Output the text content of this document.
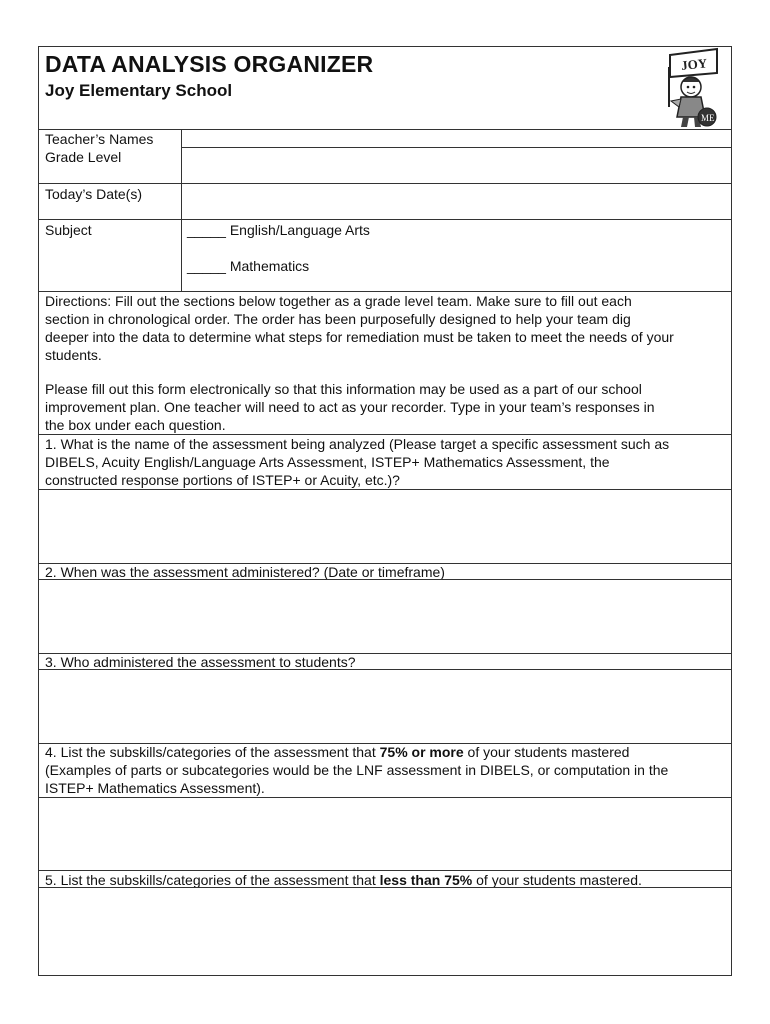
DATA ANALYSIS ORGANIZER
Joy Elementary School
JOY
ME
Teacher’s Names
Grade Level
Today’s Date(s)
Subject	_____ English/Language Arts
_____ Mathematics
Directions: Fill out the sections below together as a grade level team. Make sure to fill out each
section in chronological order. The order has been purposefully designed to help your team dig
deeper into the data to determine what steps for remediation must be taken to meet the needs of your
students.
Please fill out this form electronically so that this information may be used as a part of our school
improvement plan. One teacher will need to act as your recorder. Type in your team’s responses in
the box under each question.
1. What is the name of the assessment being analyzed (Please target a specific assessment such as
DIBELS, Acuity English/Language Arts Assessment, ISTEP+ Mathematics Assessment, the
constructed response portions of ISTEP+ or Acuity, etc.)?
2. When was the assessment administered? (Date or timeframe)
3. Who administered the assessment to students?
4. List the subskills/categories of the assessment that 75% or more of your students mastered
(Examples of parts or subcategories would be the LNF assessment in DIBELS, or computation in the
ISTEP+ Mathematics Assessment).
5. List the subskills/categories of the assessment that less than 75% of your students mastered.
